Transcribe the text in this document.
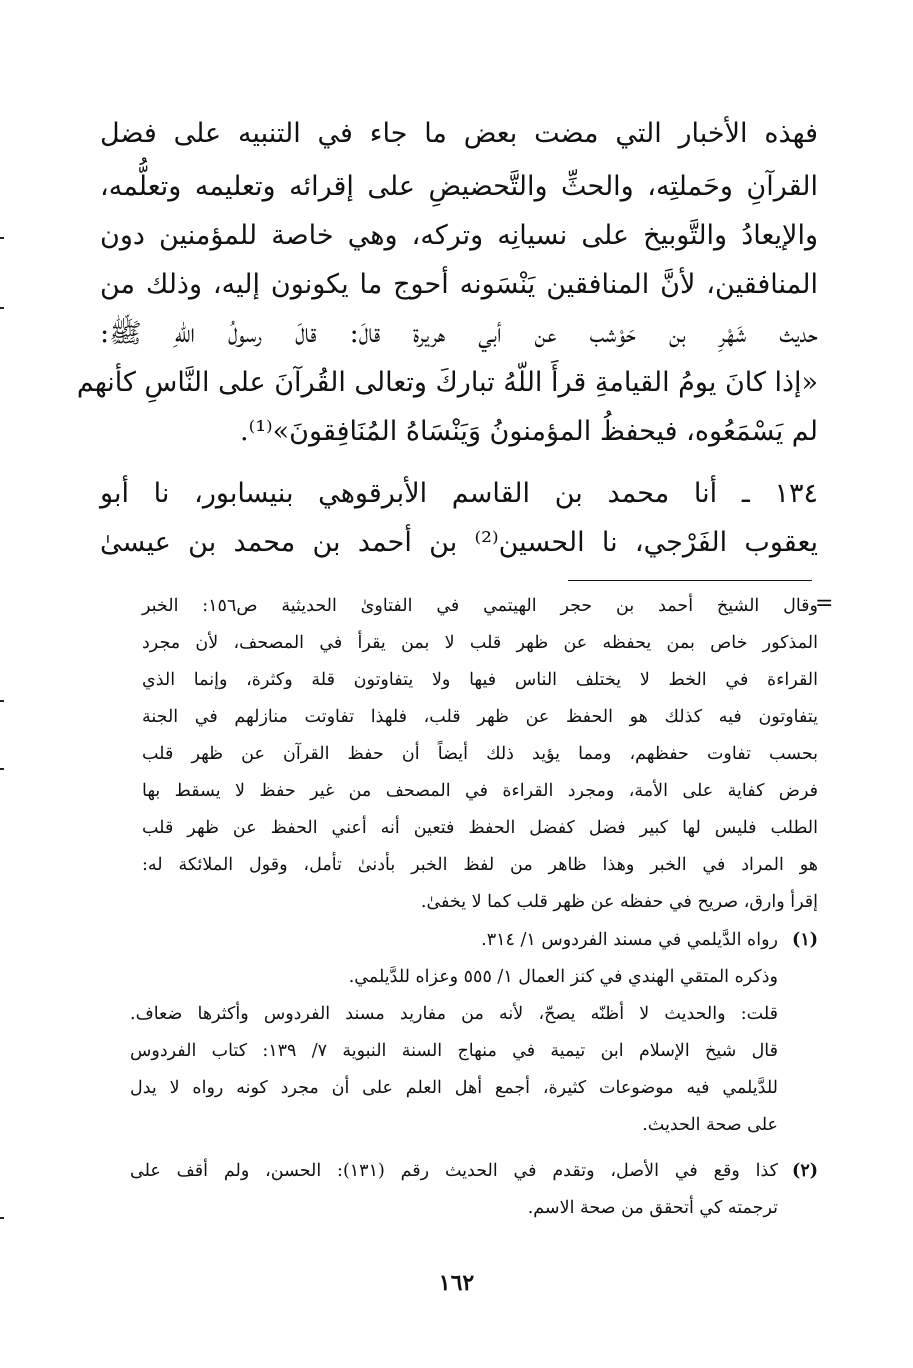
فهذه الأخبار التي مضت بعض ما جاء في التنبيه على فضل
القرآنِ وحَملتِه، والحثِّ والتَّحضيضِ على إقرائه وتعليمه وتعلُّمه،
والإيعادُ والتَّوبيخ على نسيانِه وتركه، وهي خاصة للمؤمنين دون
المنافقين، لأنَّ المنافقين يَنْسَونه أحوج ما يكونون إليه، وذلك من
حديث شَهْرِ بن حَوْشب عن أبي هريرة قالَ: قالَ رسولُ اللّهِ ﷺ:
«إذا كانَ يومُ القيامةِ قرأَ اللّهُ تباركَ وتعالى القُرآنَ على النَّاسِ كأنهم
لم يَسْمَعُوه، فيحفظُ المؤمنونُ وَيَنْسَاهُ المُنَافِقونَ»⁽¹⁾.
١٣٤ ـ أنا محمد بن القاسم الأبرقوهي بنيسابور، نا أبو
يعقوب الفَرْجي، نا الحسين⁽²⁾ بن أحمد بن محمد بن عيسىٰ
=
وقال الشيخ أحمد بن حجر الهيتمي في الفتاوىٰ الحديثية ص١٥٦: الخبر
المذكور خاص بمن يحفظه عن ظهر قلب لا بمن يقرأ في المصحف، لأن مجرد
القراءة في الخط لا يختلف الناس فيها ولا يتفاوتون قلة وكثرة، وإنما الذي
يتفاوتون فيه كذلك هو الحفظ عن ظهر قلب، فلهذا تفاوتت منازلهم في الجنة
بحسب تفاوت حفظهم، ومما يؤيد ذلك أيضاً أن حفظ القرآن عن ظهر قلب
فرض كفاية على الأمة، ومجرد القراءة في المصحف من غير حفظ لا يسقط بها
الطلب فليس لها كبير فضل كفضل الحفظ فتعين أنه أعني الحفظ عن ظهر قلب
هو المراد في الخبر وهذا ظاهر من لفظ الخبر بأدنىٰ تأمل، وقول الملائكة له:
إقرأ وارق، صريح في حفظه عن ظهر قلب كما لا يخفىٰ.
(١)
رواه الدَّيلمي في مسند الفردوس ١/ ٣١٤.
وذكره المتقي الهندي في كنز العمال ١/ ٥٥٥ وعزاه للدَّيلمي.
قلت: والحديث لا أظنّه يصحّ، لأنه من مفاريد مسند الفردوس وأكثرها ضعاف.
قال شيخ الإسلام ابن تيمية في منهاج السنة النبوية ٧/ ١٣٩: كتاب الفردوس
للدَّيلمي فيه موضوعات كثيرة، أجمع أهل العلم على أن مجرد كونه رواه لا يدل
على صحة الحديث.
(٢)
كذا وقع في الأصل، وتقدم في الحديث رقم (١٣١): الحسن، ولم أقف على
ترجمته كي أتحقق من صحة الاسم.
١٦٢
